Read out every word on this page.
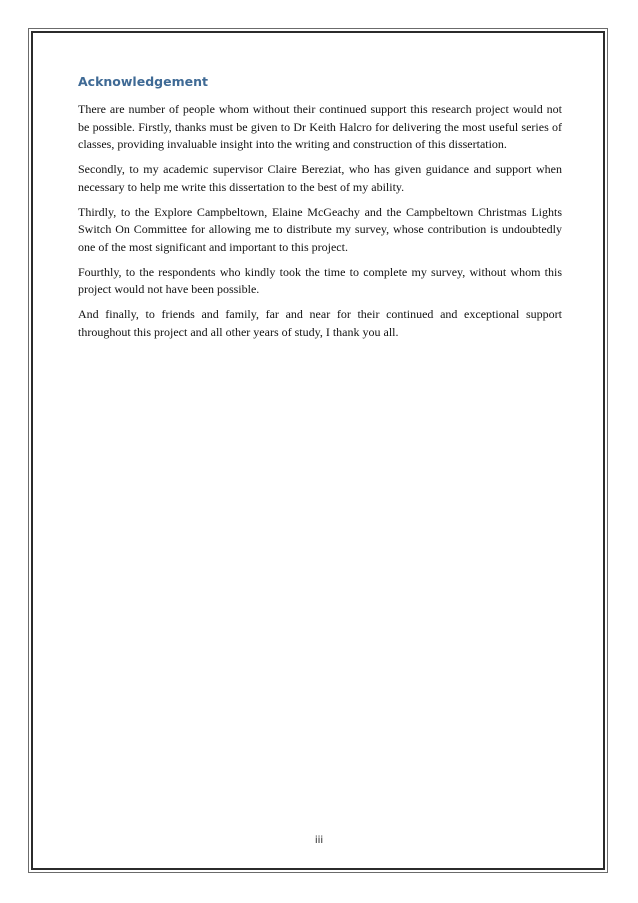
Acknowledgement

There are number of people whom without their continued support this research project would not be possible. Firstly, thanks must be given to Dr Keith Halcro for delivering the most useful series of classes, providing invaluable insight into the writing and construction of this dissertation.

Secondly, to my academic supervisor Claire Bereziat, who has given guidance and support when necessary to help me write this dissertation to the best of my ability.

Thirdly, to the Explore Campbeltown, Elaine McGeachy and the Campbeltown Christmas Lights Switch On Committee for allowing me to distribute my survey, whose contribution is undoubtedly one of the most significant and important to this project.

Fourthly, to the respondents who kindly took the time to complete my survey, without whom this project would not have been possible.

And finally, to friends and family, far and near for their continued and exceptional support throughout this project and all other years of study, I thank you all.

iii
